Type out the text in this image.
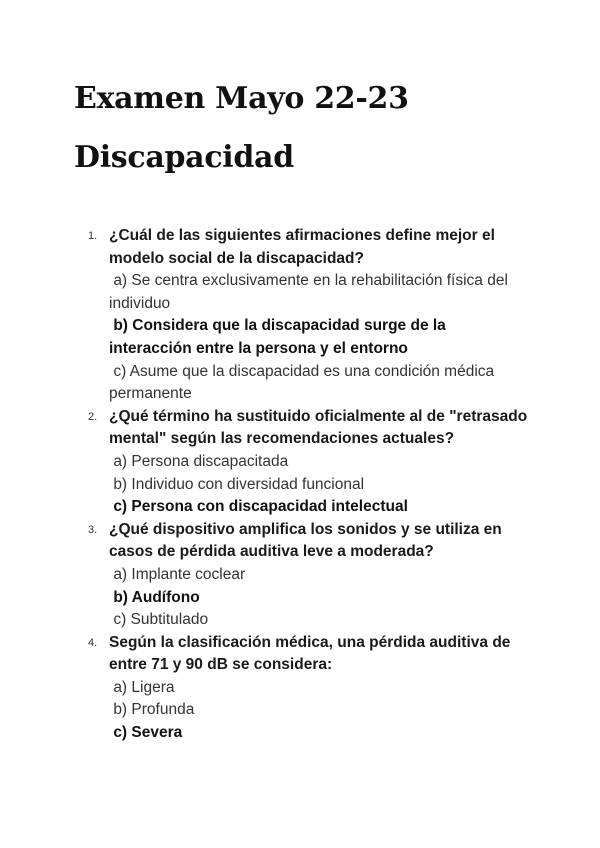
Examen Mayo 22-23
Discapacidad
1. ¿Cuál de las siguientes afirmaciones define mejor el modelo social de la discapacidad?
a) Se centra exclusivamente en la rehabilitación física del individuo
b) Considera que la discapacidad surge de la interacción entre la persona y el entorno
c) Asume que la discapacidad es una condición médica permanente
2. ¿Qué término ha sustituido oficialmente al de "retrasado mental" según las recomendaciones actuales?
a) Persona discapacitada
b) Individuo con diversidad funcional
c) Persona con discapacidad intelectual
3. ¿Qué dispositivo amplifica los sonidos y se utiliza en casos de pérdida auditiva leve a moderada?
a) Implante coclear
b) Audífono
c) Subtitulado
4. Según la clasificación médica, una pérdida auditiva de entre 71 y 90 dB se considera:
a) Ligera
b) Profunda
c) Severa
